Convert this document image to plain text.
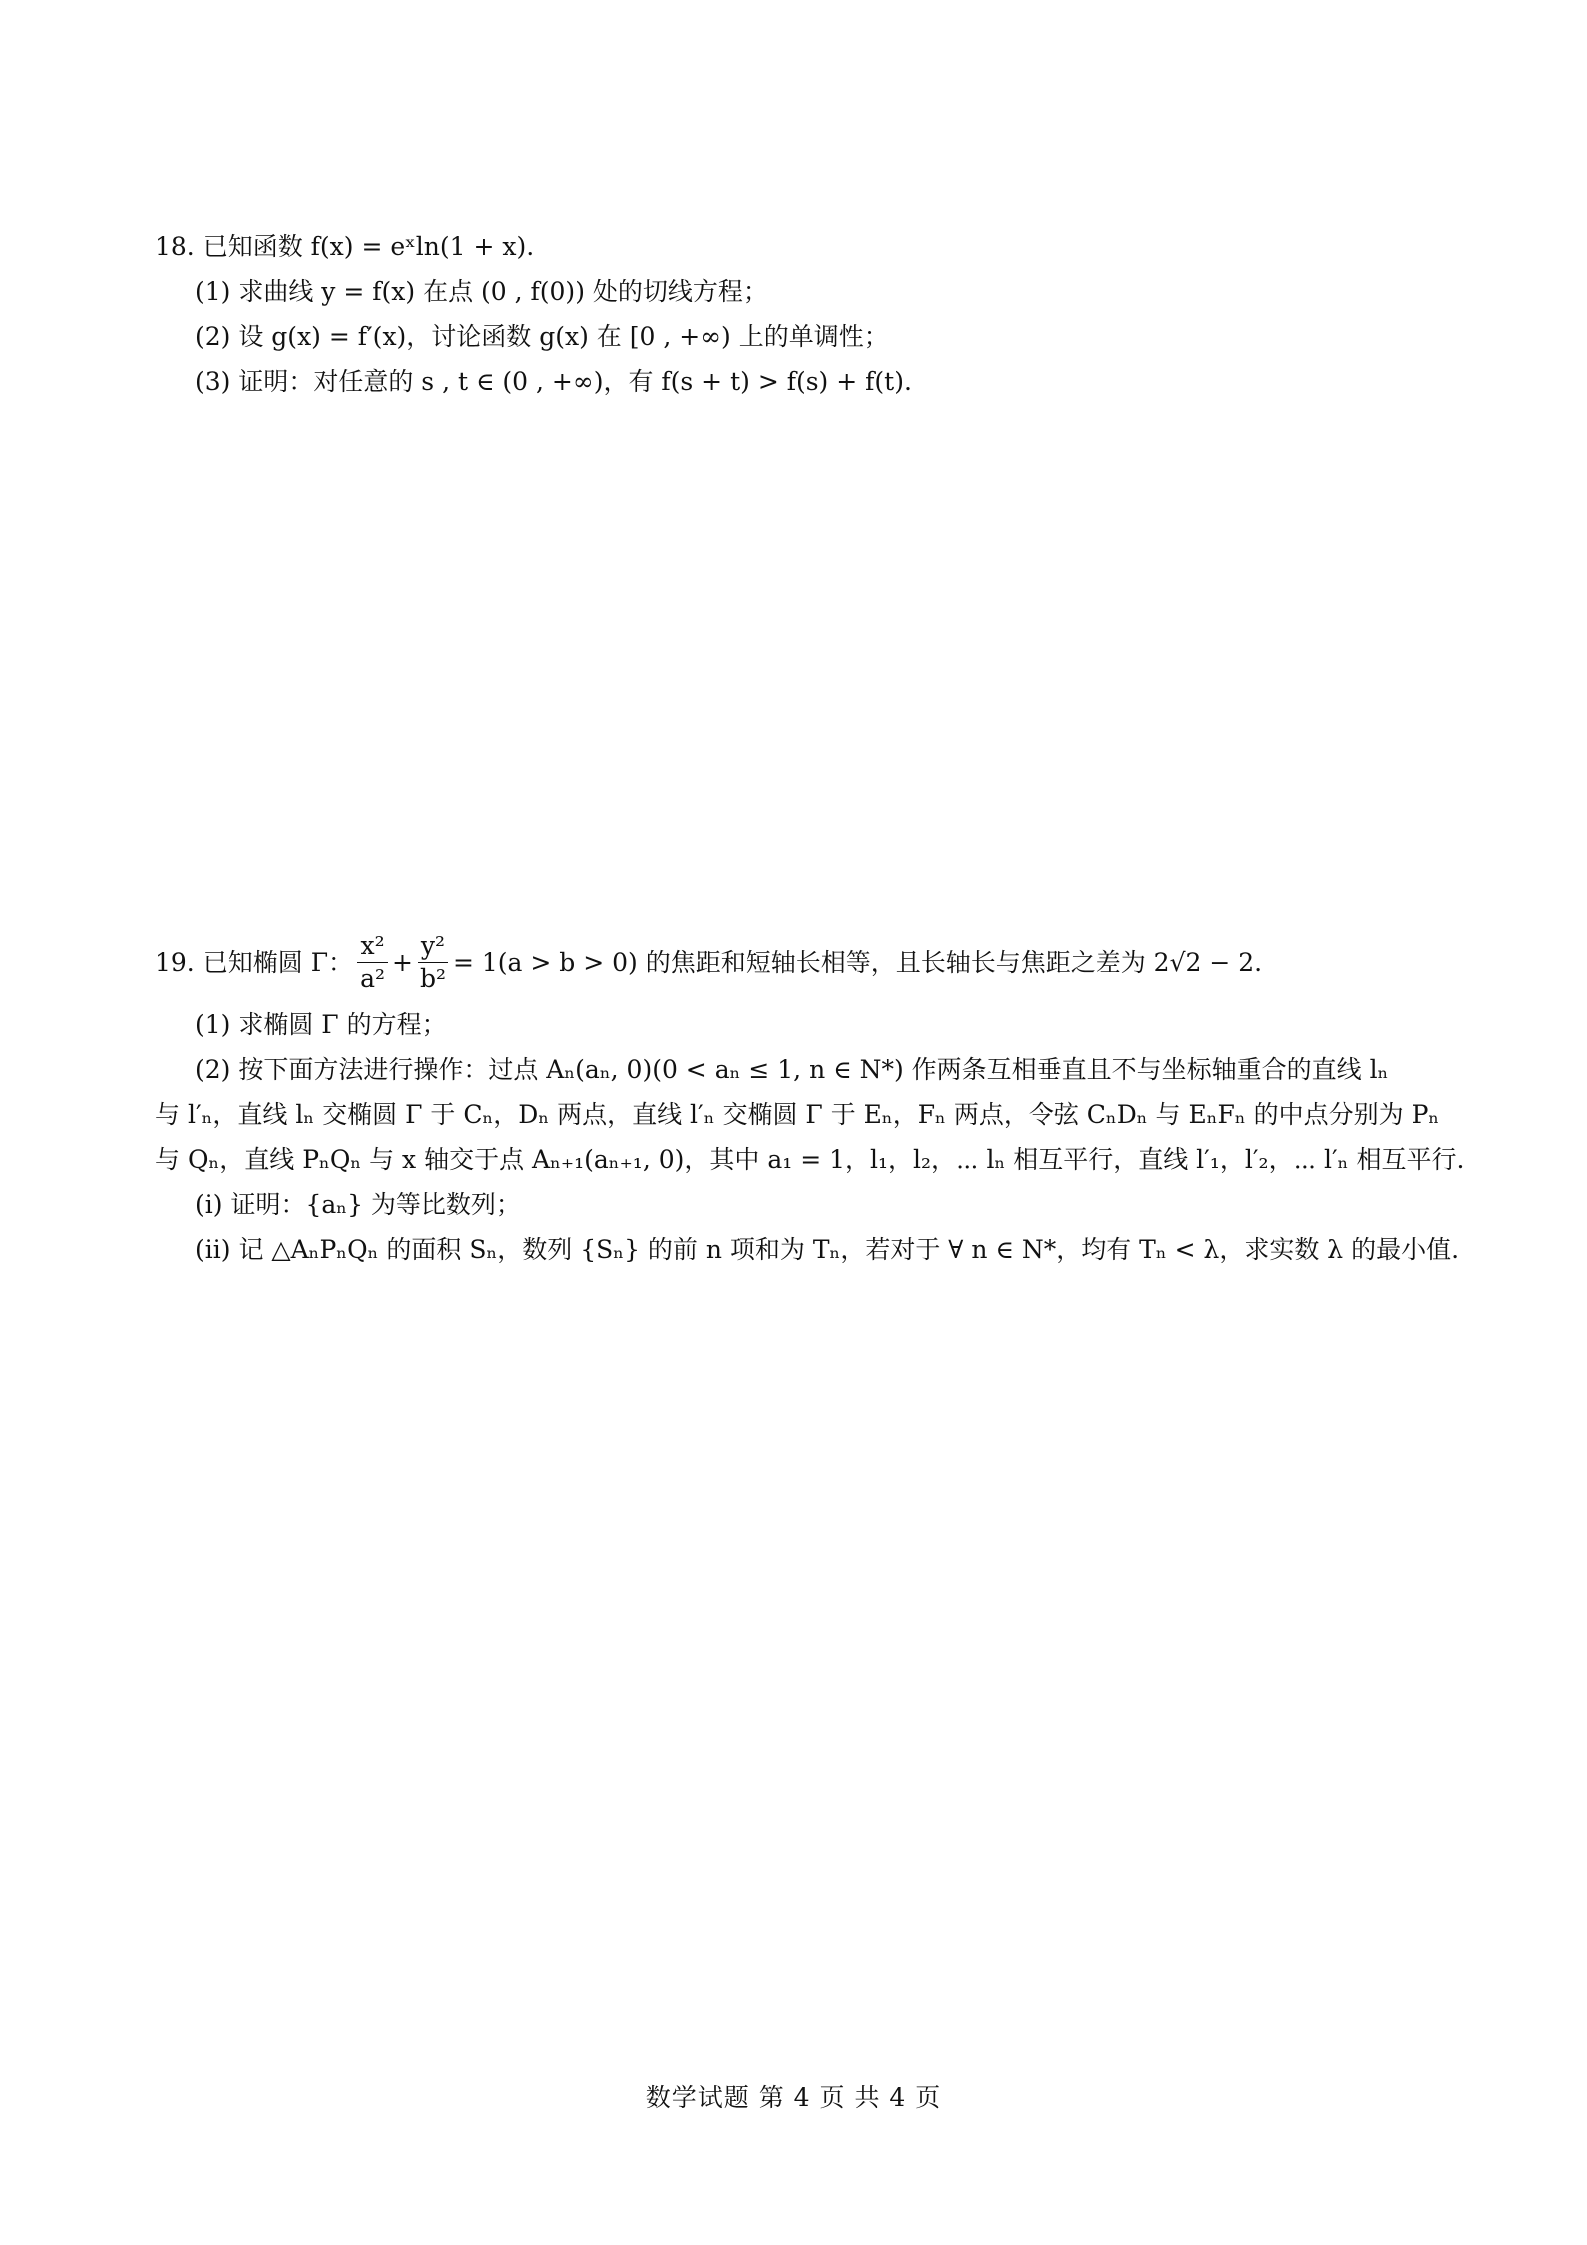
18. 已知函数 f(x) = eˣln(1 + x).
(1) 求曲线 y = f(x) 在点 (0 , f(0)) 处的切线方程；
(2) 设 g(x) = f′(x)，讨论函数 g(x) 在 [0 , +∞) 上的单调性；
(3) 证明：对任意的 s , t ∈ (0 , +∞)，有 f(s + t) > f(s) + f(t).
19. 已知椭圆 Γ： $\frac{\text{x²}}{\text{a²}} + \frac{\text{y²}}{\text{b²}} = 1(a > b > 0)$ 的焦距和短轴长相等，且长轴长与焦距之差为 2√2 − 2.
(1) 求椭圆 Γ 的方程；
(2) 按下面方法进行操作：过点 Aₙ(aₙ, 0)(0 < aₙ ≤ 1, n ∈ N*) 作两条互相垂直且不与坐标轴重合的直线 lₙ
与 l′ₙ，直线 lₙ 交椭圆 Γ 于 Cₙ，Dₙ 两点，直线 l′ₙ 交椭圆 Γ 于 Eₙ，Fₙ 两点，令弦 CₙDₙ 与 EₙFₙ 的中点分别为 Pₙ
与 Qₙ，直线 PₙQₙ 与 x 轴交于点 Aₙ₊₁(aₙ₊₁, 0)，其中 a₁ = 1，l₁，l₂，⋯ lₙ 相互平行，直线 l′₁，l′₂，⋯ l′ₙ 相互平行.
(i) 证明：{aₙ} 为等比数列；
(ii) 记 △AₙPₙQₙ 的面积 Sₙ，数列 {Sₙ} 的前 n 项和为 Tₙ，若对于 ∀ n ∈ N*，均有 Tₙ < λ，求实数 λ 的最小值.
数学试题 第 4 页 共 4 页
